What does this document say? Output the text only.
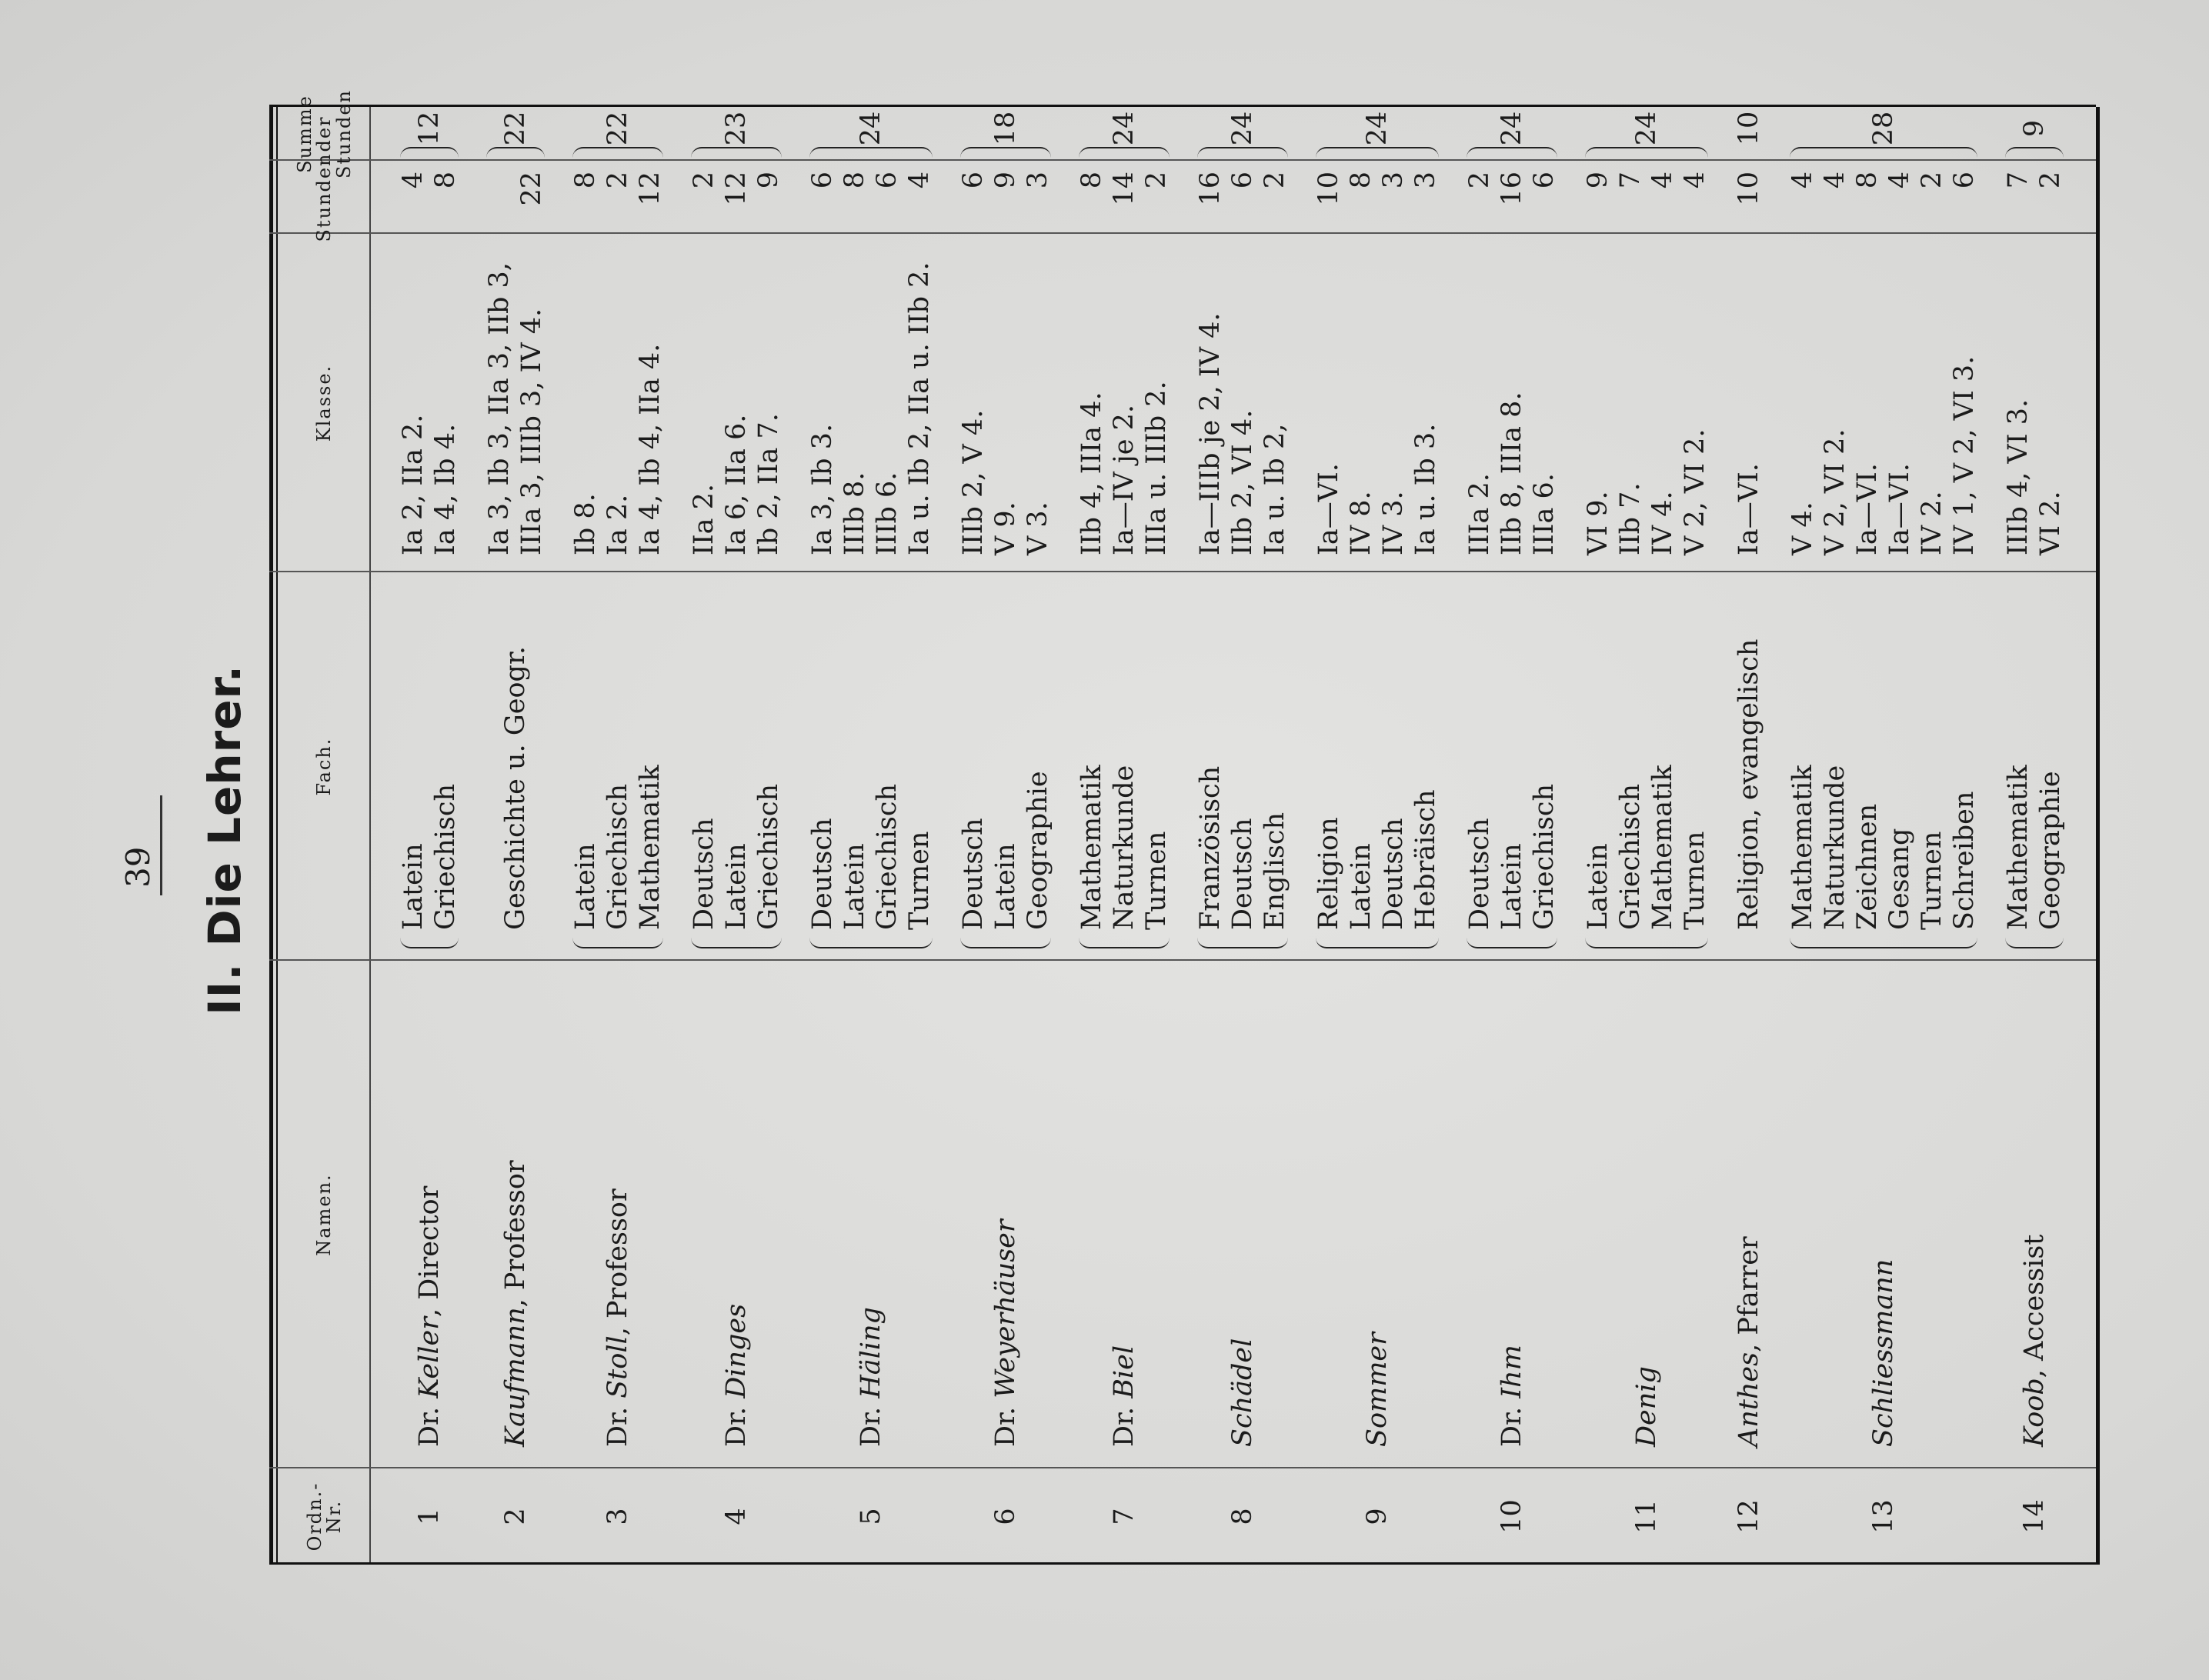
39 II. Die Lehrer.
Ordn.-
Nr.
Namen.
Fach.
Klasse.
Stunden
Summe
der
Stunden
1
Dr. Keller, Director
Latein Griechisch
Ia 2, IIa 2. Ia 4, Ib 4.
4 8
12
2
Kaufmann, Professor
Geschichte u. Geogr.
Ia 3, Ib 3, IIa 3, IIb 3, IIIa 3, IIIb 3, IV 4.
22
22
3
Dr. Stoll, Professor
Latein Griechisch Mathematik
Ib 8. Ia 2. Ia 4, Ib 4, IIa 4.
8 2 12
22
4
Dr. Dinges
Deutsch Latein Griechisch
IIa 2. Ia 6, IIa 6. Ib 2, IIa 7.
2 12 9
23
5
Dr. Häling
Deutsch Latein Griechisch Turnen
Ia 3, Ib 3. IIIb 8. IIIb 6. Ia u. Ib 2, IIa u. IIb 2.
6 8 6 4
24
6
Dr. Weyerhäuser
Deutsch Latein Geographie
IIIb 2, V 4. V 9. V 3.
6 9 3
18
7
Dr. Biel
Mathematik Naturkunde Turnen
IIb 4, IIIa 4. Ia—IV je 2. IIIa u. IIIb 2.
8 14 2
24
8
Schädel
Französisch Deutsch Englisch
Ia—IIIb je 2, IV 4. IIb 2, VI 4. Ia u. Ib 2,
16 6 2
24
9
Sommer
Religion Latein Deutsch Hebräisch
Ia—VI. IV 8. IV 3. Ia u. Ib 3.
10 8 3 3
24
10
Dr. Ihm
Deutsch Latein Griechisch
IIIa 2. IIb 8, IIIa 8. IIIa 6.
2 16 6
24
11
Denig
Latein Griechisch Mathematik Turnen
VI 9. IIb 7. IV 4. V 2, VI 2.
9 7 4 4
24
12
Anthes, Pfarrer
Religion, evangelisch
Ia—VI.
10
10
13
Schliessmann
Mathematik Naturkunde Zeichnen Gesang Turnen Schreiben
V 4. V 2, VI 2. Ia—VI. Ia—VI. IV 2. IV 1, V 2, VI 3.
4 4 8 4 2 6
28
14
Koob, Accessist
Mathematik Geographie
IIIb 4, VI 3. VI 2.
7 2
9
